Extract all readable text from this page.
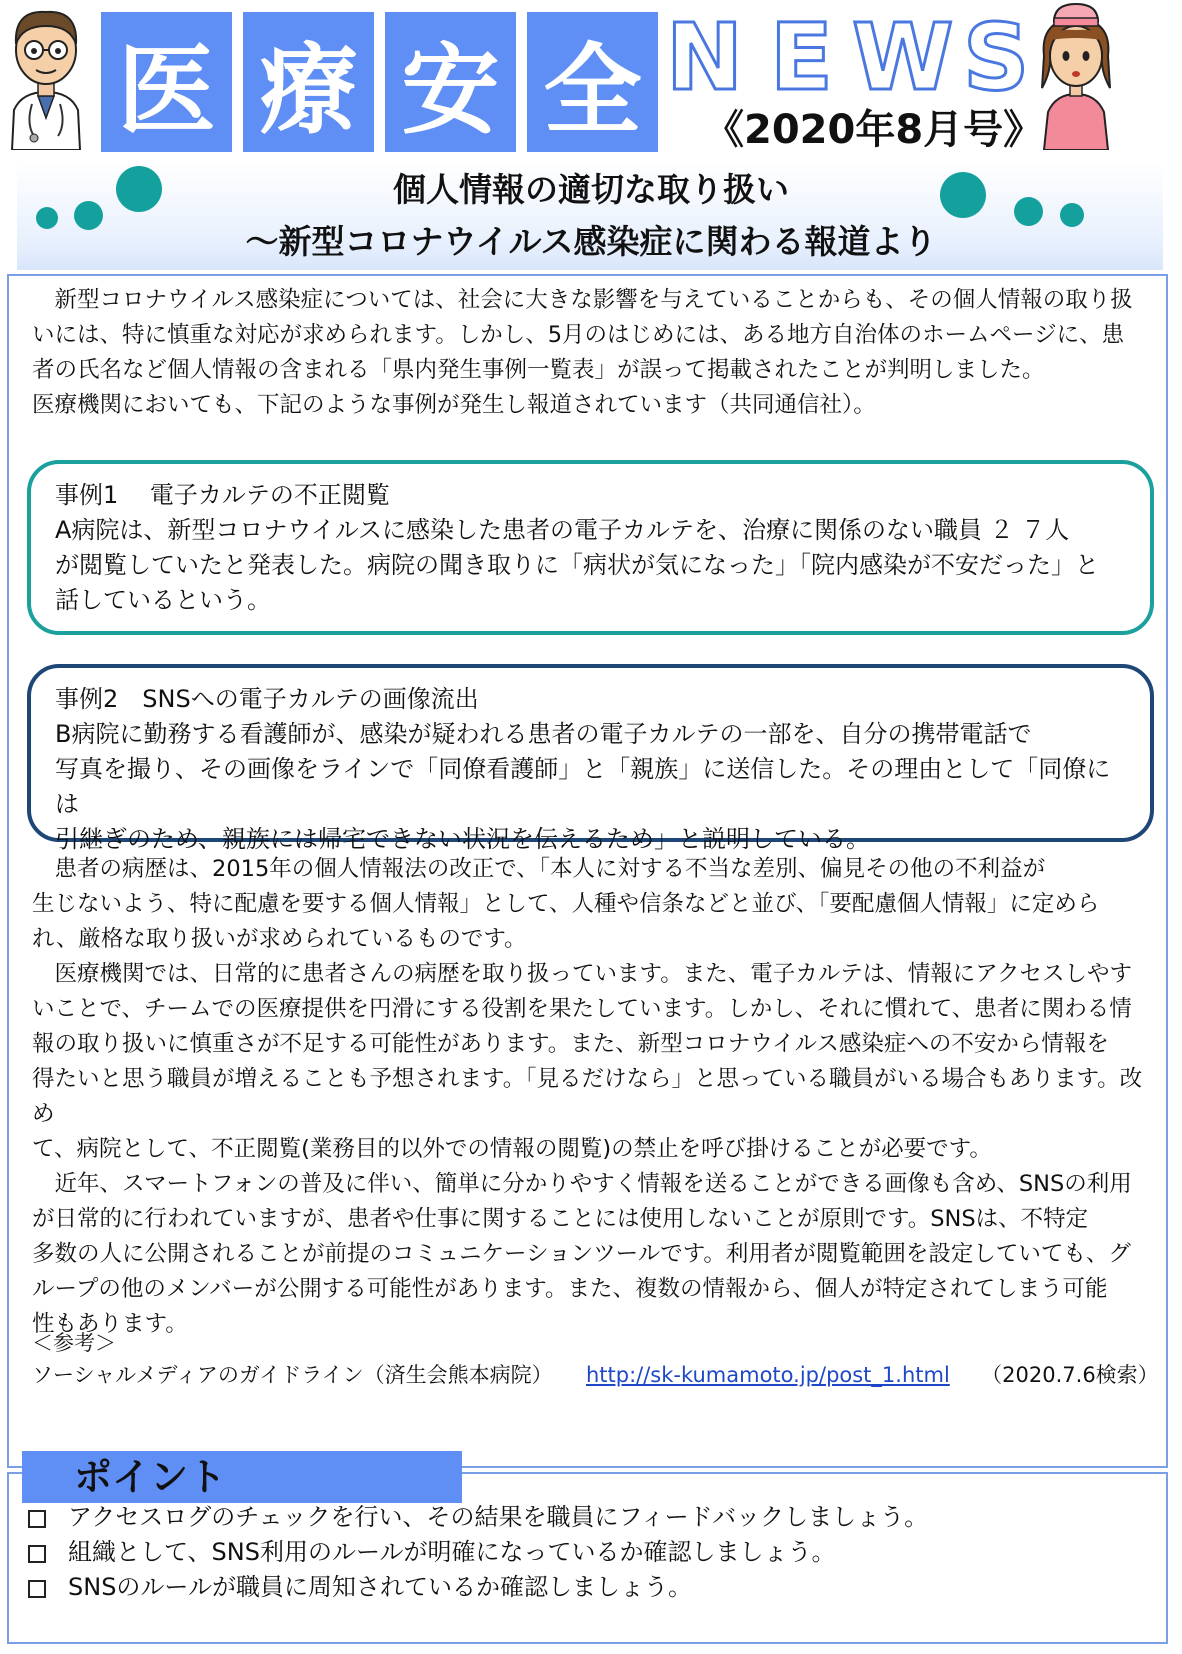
医 療 安 全 N E W S
《2020年8月号》
個人情報の適切な取り扱い
～新型コロナウイルス感染症に関わる報道より
　新型コロナウイルス感染症については、社会に大きな影響を与えていることからも、その個人情報の取り扱
いには、特に慎重な対応が求められます。しかし、5月のはじめには、ある地方自治体のホームページに、患
者の氏名など個人情報の含まれる「県内発生事例一覧表」が誤って掲載されたことが判明しました。
医療機関においても、下記のような事例が発生し報道されています（共同通信社）。
事例1　 電子カルテの不正閲覧
A病院は、新型コロナウイルスに感染した患者の電子カルテを、治療に関係のない職員 ２ ７人
が閲覧していたと発表した。病院の聞き取りに「病状が気になった」「院内感染が不安だった」と
話しているという。
事例2　SNSへの電子カルテの画像流出
B病院に勤務する看護師が、感染が疑われる患者の電子カルテの一部を、自分の携帯電話で
写真を撮り、その画像をラインで「同僚看護師」と「親族」に送信した。その理由として「同僚には
引継ぎのため、親族には帰宅できない状況を伝えるため」と説明している。
　患者の病歴は、2015年の個人情報法の改正で、「本人に対する不当な差別、偏見その他の不利益が
生じないよう、特に配慮を要する個人情報」として、人種や信条などと並び、「要配慮個人情報」に定めら
れ、厳格な取り扱いが求められているものです。
　医療機関では、日常的に患者さんの病歴を取り扱っています。また、電子カルテは、情報にアクセスしやす
いことで、チームでの医療提供を円滑にする役割を果たしています。しかし、それに慣れて、患者に関わる情
報の取り扱いに慎重さが不足する可能性があります。また、新型コロナウイルス感染症への不安から情報を
得たいと思う職員が増えることも予想されます。「見るだけなら」と思っている職員がいる場合もあります。改め
て、病院として、不正閲覧(業務目的以外での情報の閲覧)の禁止を呼び掛けることが必要です。
　近年、スマートフォンの普及に伴い、簡単に分かりやすく情報を送ることができる画像も含め、SNSの利用
が日常的に行われていますが、患者や仕事に関することには使用しないことが原則です。SNSは、不特定
多数の人に公開されることが前提のコミュニケーションツールです。利用者が閲覧範囲を設定していても、グ
ループの他のメンバーが公開する可能性があります。また、複数の情報から、個人が特定されてしまう可能
性もあります。
＜参考＞
ソーシャルメディアのガイドライン（済生会熊本病院） http://sk-kumamoto.jp/post_1.html （2020.7.6検索）
ポイント
アクセスログのチェックを行い、その結果を職員にフィードバックしましょう。
組織として、SNS利用のルールが明確になっているか確認しましょう。
SNSのルールが職員に周知されているか確認しましょう。
